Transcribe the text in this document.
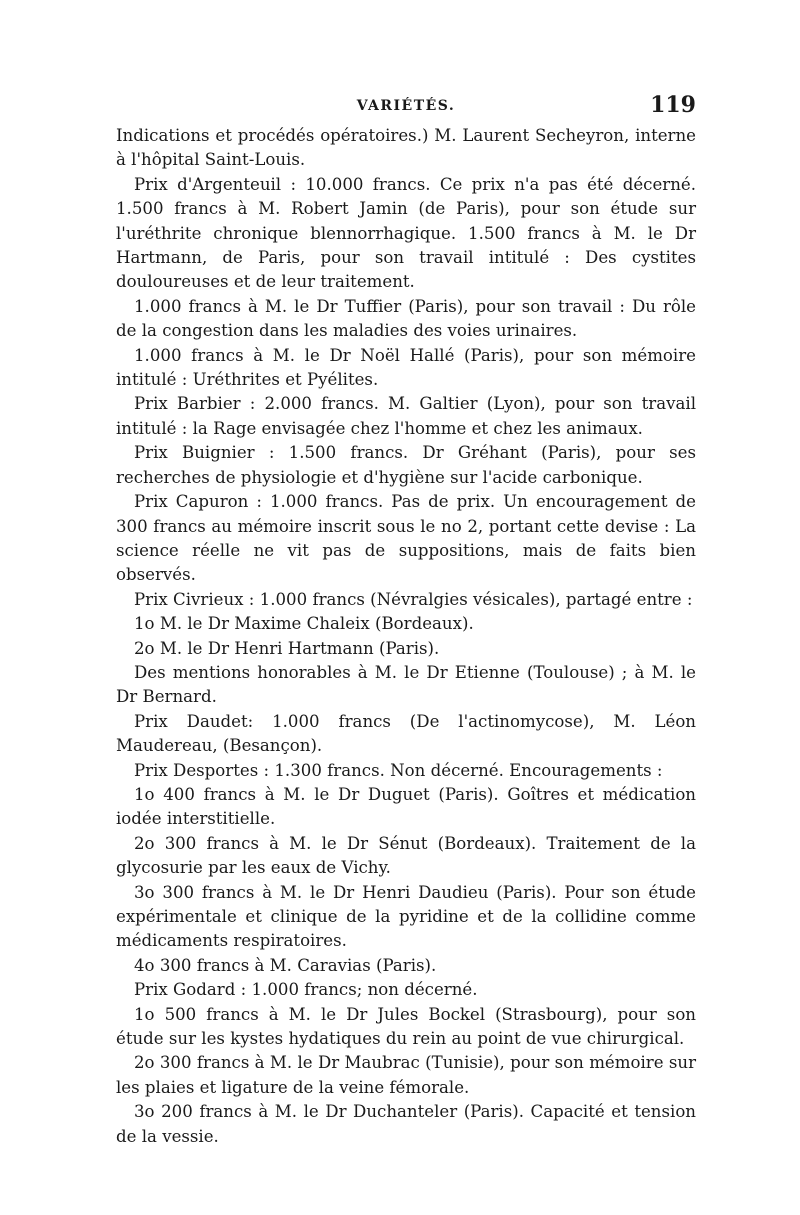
VARIÉTÉS.	119

Indications et procédés opératoires.) M. Laurent Secheyron, interne à l'hôpital Saint-Louis.

Prix d'Argenteuil : 10.000 francs. Ce prix n'a pas été décerné. 1.500 francs à M. Robert Jamin (de Paris), pour son étude sur l'uréthrite chronique blennorrhagique. 1.500 francs à M. le Dr Hartmann, de Paris, pour son travail intitulé : Des cystites douloureuses et de leur traitement.

1.000 francs à M. le Dr Tuffier (Paris), pour son travail : Du rôle de la congestion dans les maladies des voies urinaires.

1.000 francs à M. le Dr Noël Hallé (Paris), pour son mémoire intitulé : Uréthrites et Pyélites.

Prix Barbier : 2.000 francs. M. Galtier (Lyon), pour son travail intitulé : la Rage envisagée chez l'homme et chez les animaux.

Prix Buignier : 1.500 francs. Dr Gréhant (Paris), pour ses recherches de physiologie et d'hygiène sur l'acide carbonique.

Prix Capuron : 1.000 francs. Pas de prix. Un encouragement de 300 francs au mémoire inscrit sous le no 2, portant cette devise : La science réelle ne vit pas de suppositions, mais de faits bien observés.

Prix Civrieux : 1.000 francs (Névralgies vésicales), partagé entre :

1o M. le Dr Maxime Chaleix (Bordeaux).

2o M. le Dr Henri Hartmann (Paris).

Des mentions honorables à M. le Dr Etienne (Toulouse) ; à M. le Dr Bernard.

Prix Daudet: 1.000 francs (De l'actinomycose), M. Léon Maudereau, (Besançon).

Prix Desportes : 1.300 francs. Non décerné. Encouragements :

1o 400 francs à M. le Dr Duguet (Paris). Goîtres et médication iodée interstitielle.

2o 300 francs à M. le Dr Sénut (Bordeaux). Traitement de la glycosurie par les eaux de Vichy.

3o 300 francs à M. le Dr Henri Daudieu (Paris). Pour son étude expérimentale et clinique de la pyridine et de la collidine comme médicaments respiratoires.

4o 300 francs à M. Caravias (Paris).

Prix Godard : 1.000 francs; non décerné.

1o 500 francs à M. le Dr Jules Bockel (Strasbourg), pour son étude sur les kystes hydatiques du rein au point de vue chirurgical.

2o 300 francs à M. le Dr Maubrac (Tunisie), pour son mémoire sur les plaies et ligature de la veine fémorale.

3o 200 francs à M. le Dr Duchanteler (Paris). Capacité et tension de la vessie.
